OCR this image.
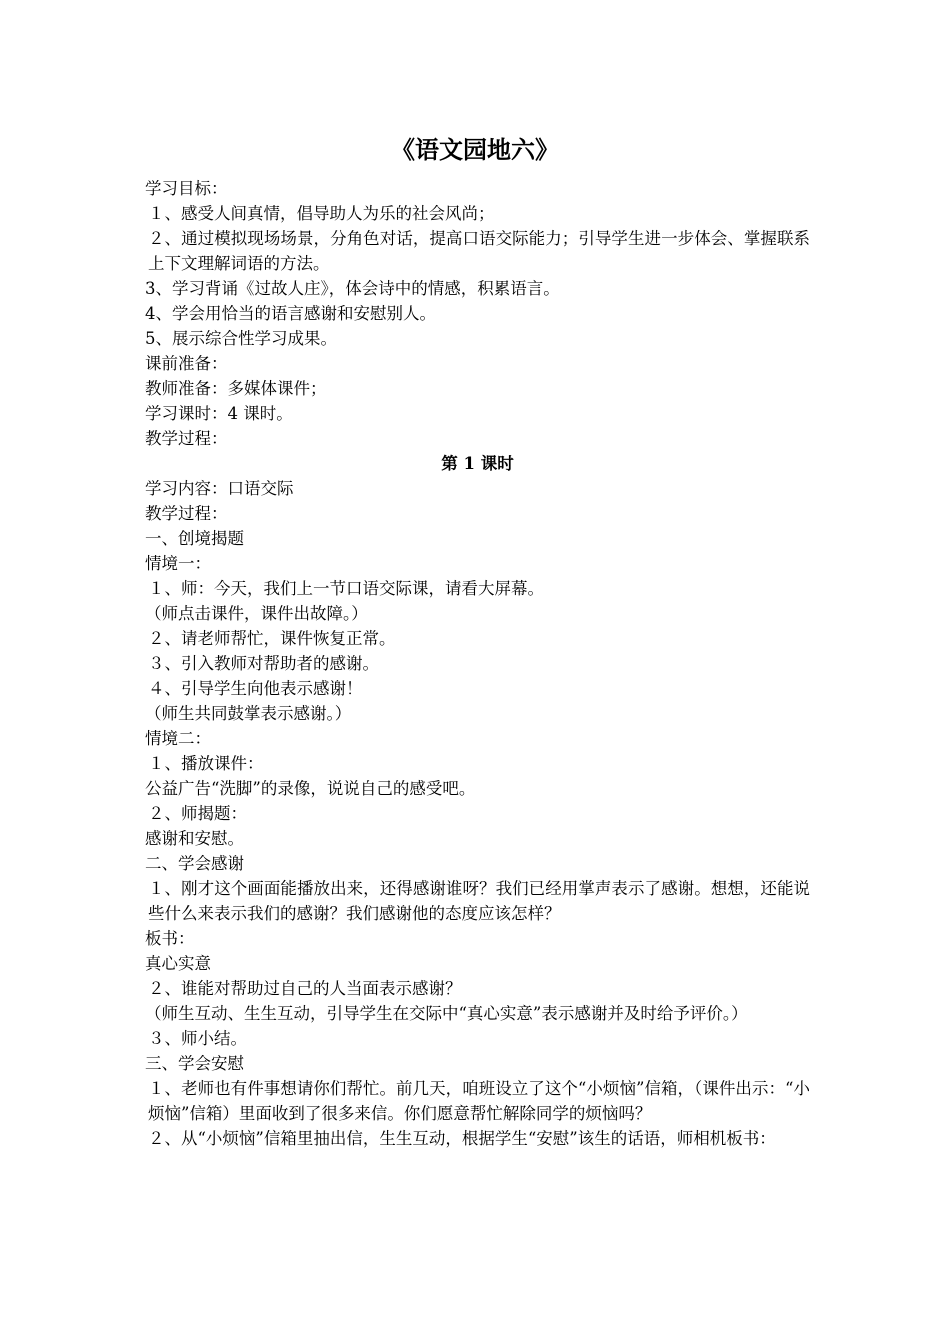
《语文园地六》

学习目标：

１、感受人间真情，倡导助人为乐的社会风尚；

２、通过模拟现场场景，分角色对话，提高口语交际能力；引导学生进一步体会、掌握联系上下文理解词语的方法。

3、学习背诵《过故人庄》，体会诗中的情感，积累语言。

4、学会用恰当的语言感谢和安慰别人。

5、展示综合性学习成果。

课前准备：

教师准备：多媒体课件；

学习课时：4 课时。

教学过程：

第 1 课时

学习内容：口语交际

教学过程：

一、创境揭题

情境一：

１、师：今天，我们上一节口语交际课，请看大屏幕。

（师点击课件，课件出故障。）

２、请老师帮忙，课件恢复正常。

３、引入教师对帮助者的感谢。

４、引导学生向他表示感谢！

（师生共同鼓掌表示感谢。）

情境二：

１、播放课件：

公益广告“洗脚”的录像，说说自己的感受吧。

２、师揭题：

感谢和安慰。

二、学会感谢

１、刚才这个画面能播放出来，还得感谢谁呀？我们已经用掌声表示了感谢。想想，还能说些什么来表示我们的感谢？我们感谢他的态度应该怎样？

板书：

真心实意

２、谁能对帮助过自己的人当面表示感谢？

（师生互动、生生互动，引导学生在交际中“真心实意”表示感谢并及时给予评价。）

３、师小结。

三、学会安慰

１、老师也有件事想请你们帮忙。前几天，咱班设立了这个“小烦恼”信箱，（课件出示：“小烦恼”信箱）里面收到了很多来信。你们愿意帮忙解除同学的烦恼吗？

２、从“小烦恼”信箱里抽出信，生生互动，根据学生“安慰”该生的话语，师相机板书：
